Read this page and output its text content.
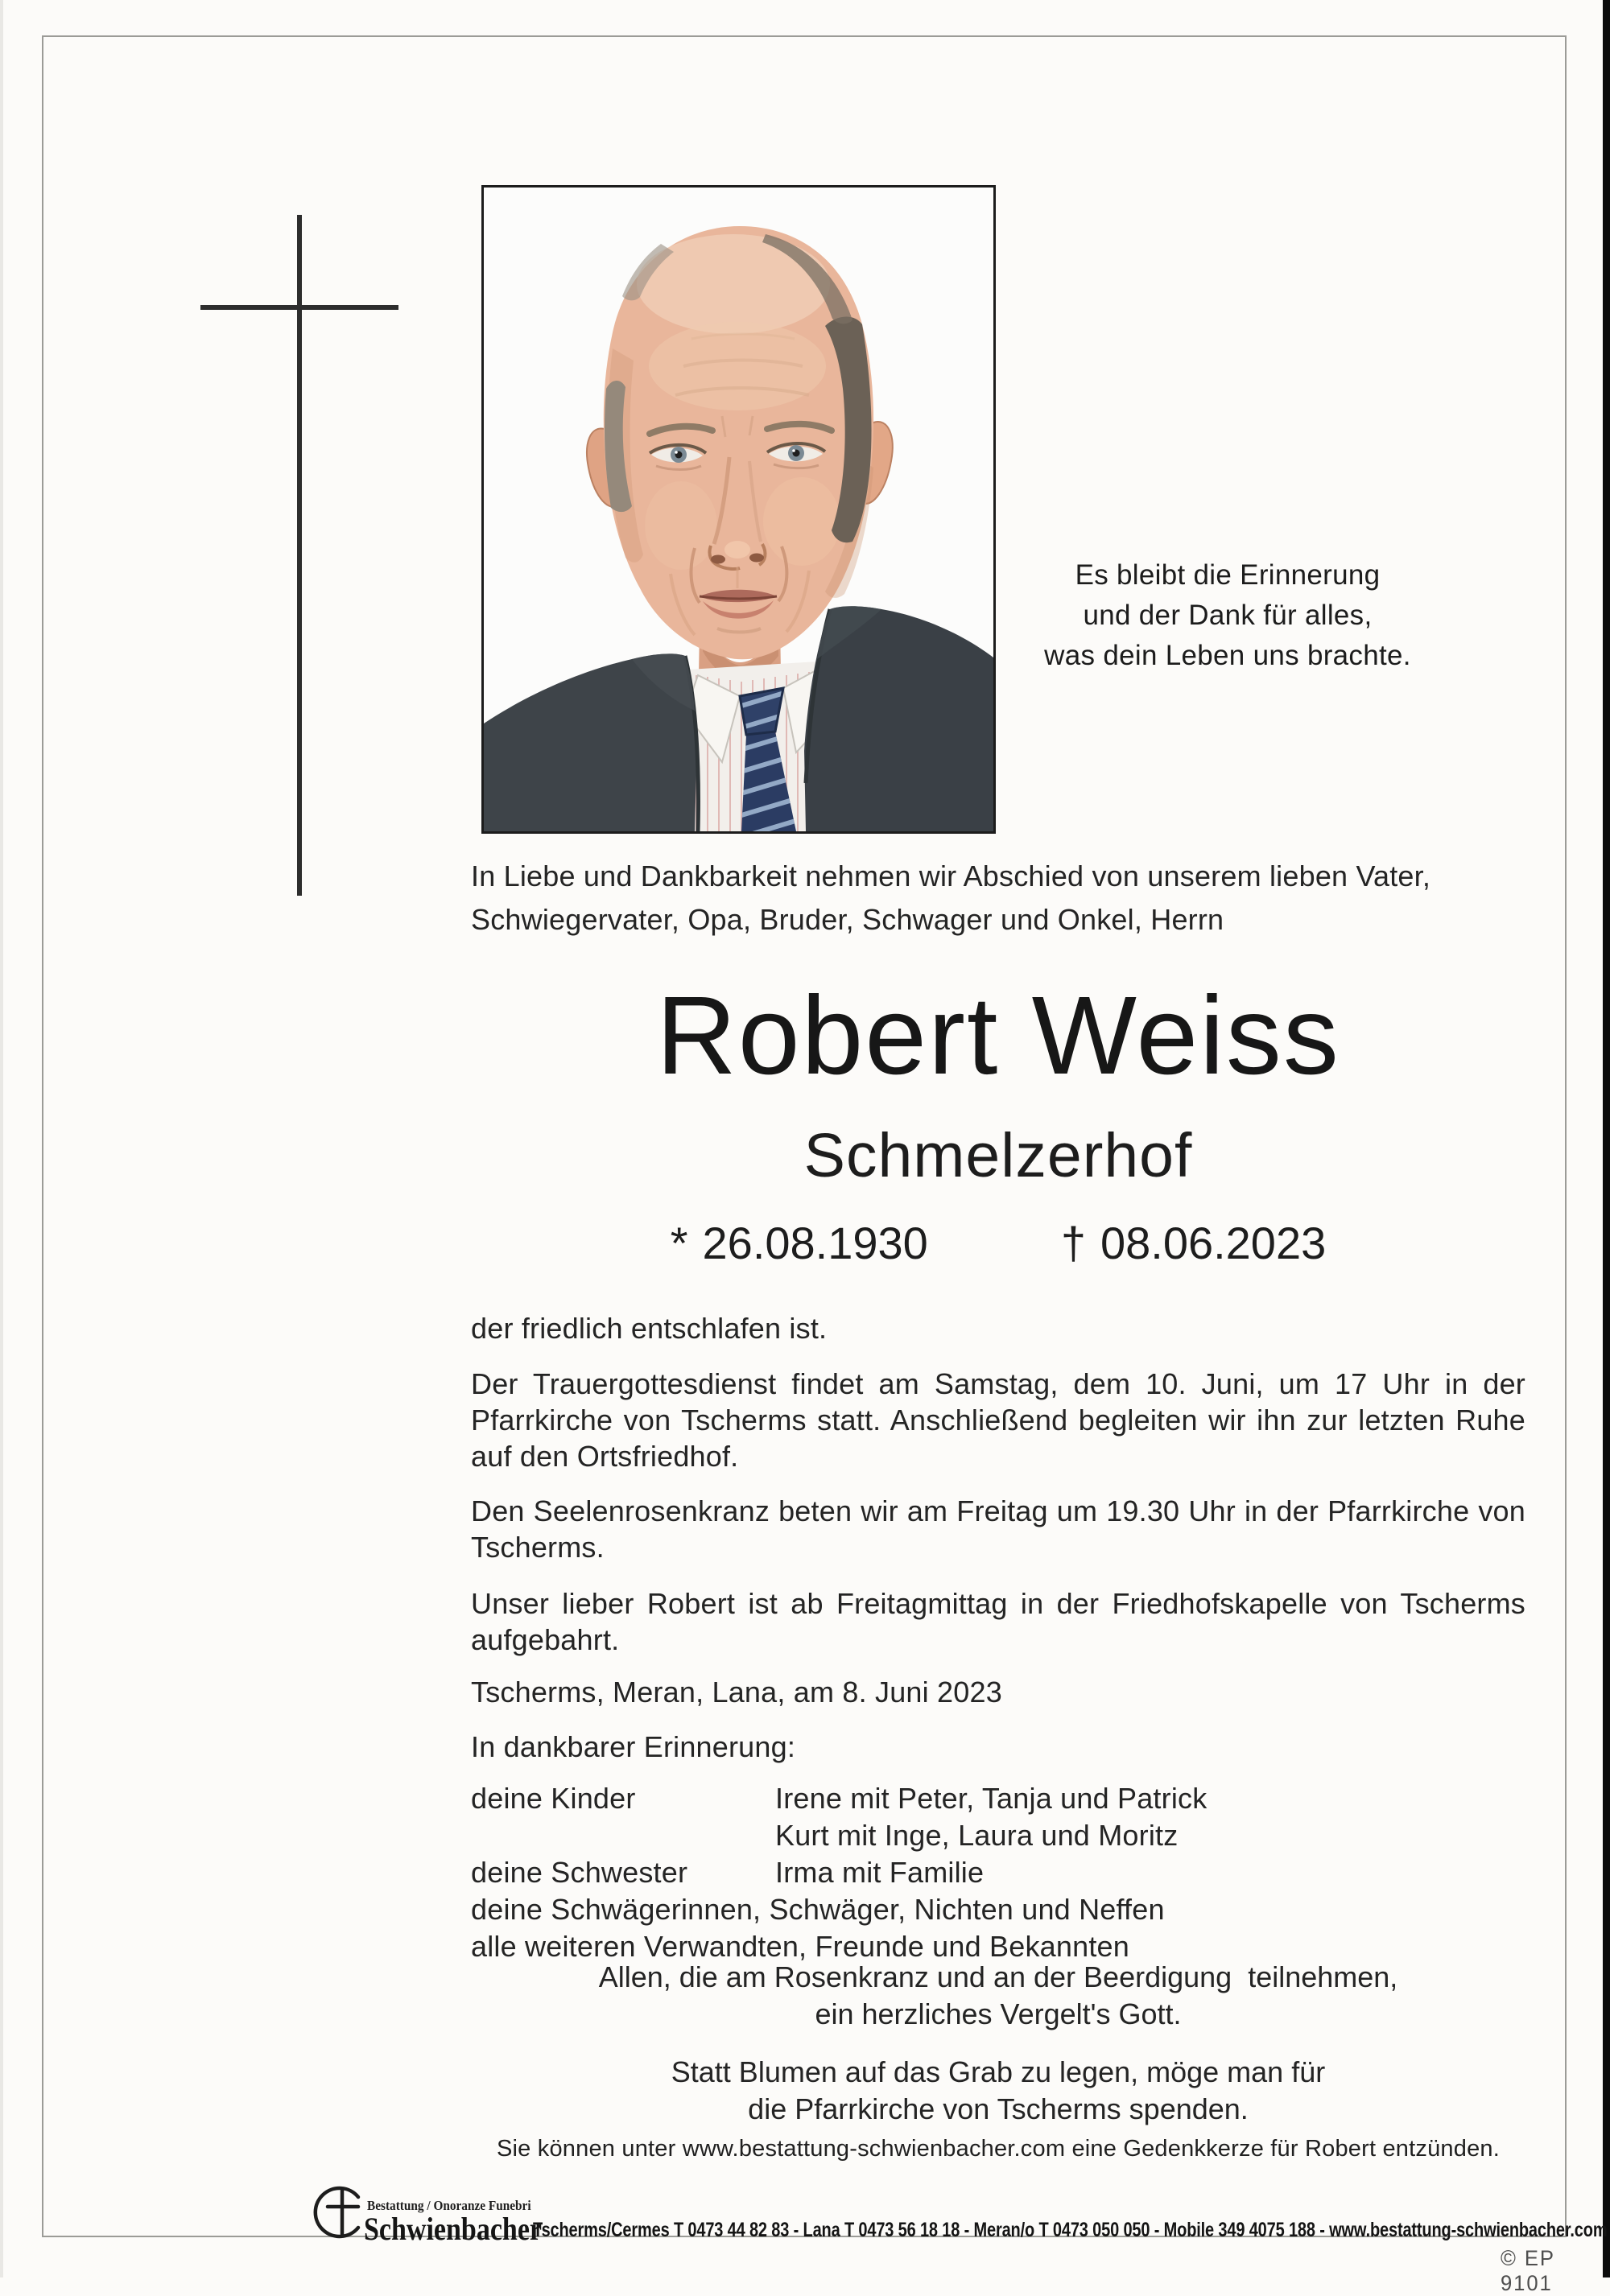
Es bleibt die Erinnerung
und der Dank für alles,
was dein Leben uns brachte.
In Liebe und Dankbarkeit nehmen wir Abschied von unserem lieben Vater, Schwiegervater, Opa, Bruder, Schwager und Onkel, Herrn
Robert Weiss
Schmelzerhof
* 26.08.1930	† 08.06.2023
der friedlich entschlafen ist.
Der Trauergottesdienst findet am Samstag, dem 10. Juni, um 17 Uhr in der Pfarrkirche von Tscherms statt. Anschließend begleiten wir ihn zur letzten Ruhe auf den Ortsfriedhof.
Den Seelenrosenkranz beten wir am Freitag um 19.30 Uhr in der Pfarrkirche von Tscherms.
Unser lieber Robert ist ab Freitagmittag in der Friedhofskapelle von Tscherms aufgebahrt.
Tscherms, Meran, Lana, am 8. Juni 2023
In dankbarer Erinnerung:
deine Kinder	Irene mit Peter, Tanja und Patrick
Kurt mit Inge, Laura und Moritz
deine Schwester	Irma mit Familie
deine Schwägerinnen, Schwäger, Nichten und Neffen
alle weiteren Verwandten, Freunde und Bekannten
Allen, die am Rosenkranz und an der Beerdigung  teilnehmen,
ein herzliches Vergelt's Gott.
Statt Blumen auf das Grab zu legen, möge man für
die Pfarrkirche von Tscherms spenden.
Sie können unter www.bestattung-schwienbacher.com eine Gedenkkerze für Robert entzünden.
Bestattung / Onoranze Funebri
Schwienbacher
Tscherms/Cermes T 0473 44 82 83 - Lana T 0473 56 18 18 - Meran/o T 0473 050 050 - Mobile 349 4075 188 - www.bestattung-schwienbacher.com
© EP 9101
